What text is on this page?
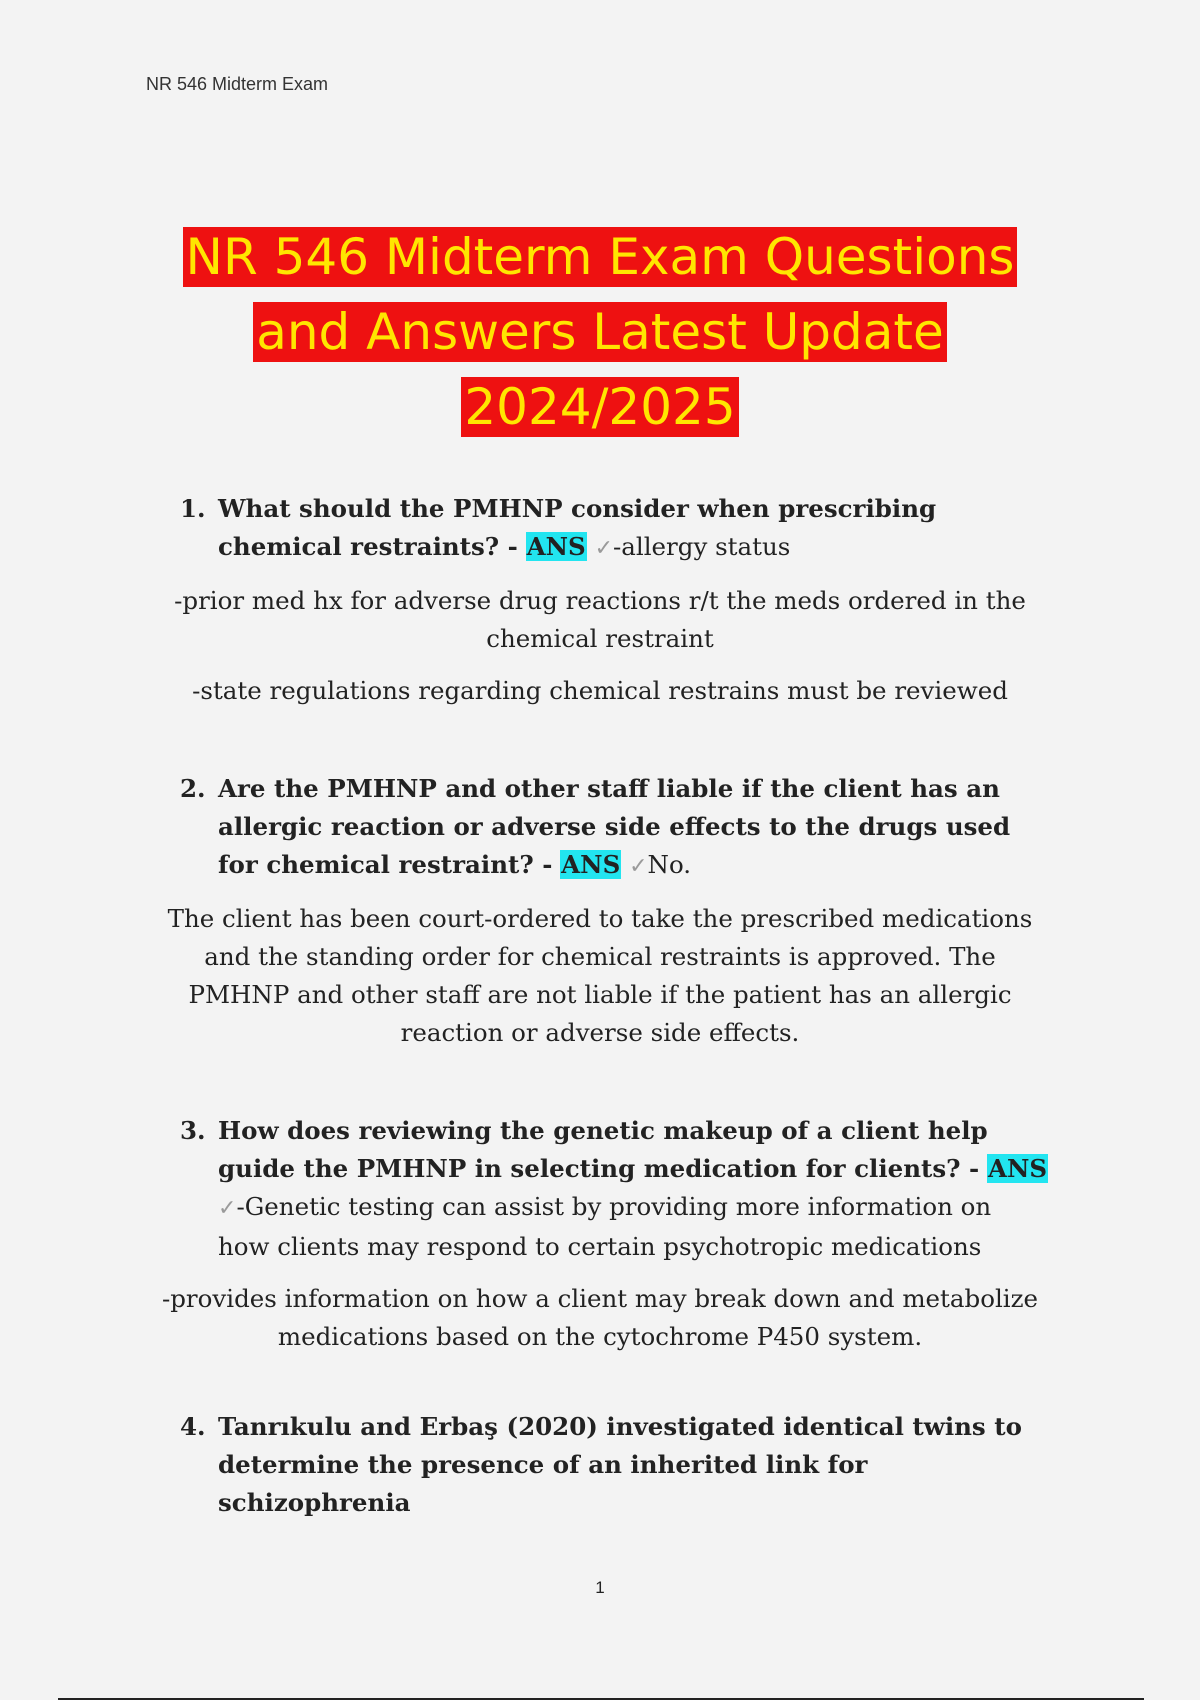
NR 546 Midterm Exam
NR 546 Midterm Exam Questions
and Answers Latest Update
2024/2025
1. What should the PMHNP consider when prescribing chemical restraints? - ANS ✓-allergy status

-prior med hx for adverse drug reactions r/t the meds ordered in the chemical restraint

-state regulations regarding chemical restrains must be reviewed

2. Are the PMHNP and other staff liable if the client has an allergic reaction or adverse side effects to the drugs used for chemical restraint? - ANS ✓No.

The client has been court-ordered to take the prescribed medications and the standing order for chemical restraints is approved. The PMHNP and other staff are not liable if the patient has an allergic reaction or adverse side effects.

3. How does reviewing the genetic makeup of a client help guide the PMHNP in selecting medication for clients? - ANS ✓-Genetic testing can assist by providing more information on how clients may respond to certain psychotropic medications

-provides information on how a client may break down and metabolize medications based on the cytochrome P450 system.

4. Tanrıkulu and Erbaş (2020) investigated identical twins to determine the presence of an inherited link for schizophrenia
1
